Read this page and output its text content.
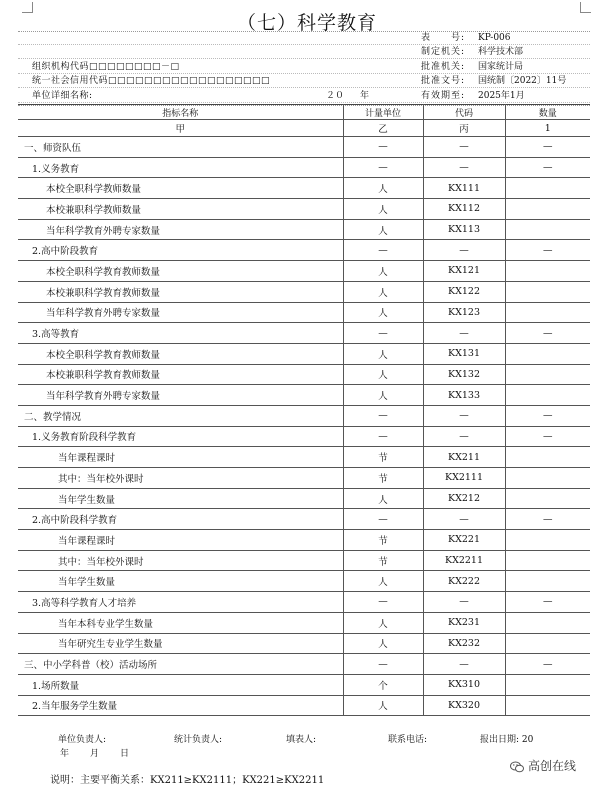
（七）科学教育
表　　号: KP-006
制定机关: 科学技术部
组织机构代码□□□□□□□□－□	批准机关: 国家统计局
统一社会信用代码□□□□□□□□□□□□□□□□□□	批准文号: 国统制〔2022〕11号
单位详细名称:	有效期至: 2025年1月
２０ 年
指标名称	计量单位	代码	数量
甲	乙	丙	1
一、师资队伍	—	—	—
1.义务教育	—	—	—
本校全职科学教师数量	人	KX111	
本校兼职科学教师数量	人	KX112	
当年科学教育外聘专家数量	人	KX113	
2.高中阶段教育	—	—	—
本校全职科学教育教师数量	人	KX121	
本校兼职科学教育教师数量	人	KX122	
当年科学教育外聘专家数量	人	KX123	
3.高等教育	—	—	—
本校全职科学教育教师数量	人	KX131	
本校兼职科学教育教师数量	人	KX132	
当年科学教育外聘专家数量	人	KX133	
二、教学情况	—	—	—
1.义务教育阶段科学教育	—	—	—
当年课程课时	节	KX211	
其中：当年校外课时	节	KX2111	
当年学生数量	人	KX212	
2.高中阶段科学教育	—	—	—
当年课程课时	节	KX221	
其中：当年校外课时	节	KX2211	
当年学生数量	人	KX222	
3.高等科学教育人才培养	—	—	—
当年本科专业学生数量	人	KX231	
当年研究生专业学生数量	人	KX232	
三、中小学科普（校）活动场所	—	—	—
1.场所数量	个	KX310	
2.当年服务学生数量	人	KX320	
单位负责人:	统计负责人:	填表人:	联系电话:	报出日期: 20
年　月　日
说明：主要平衡关系：KX211≥KX2111；KX221≥KX2211
高创在线
